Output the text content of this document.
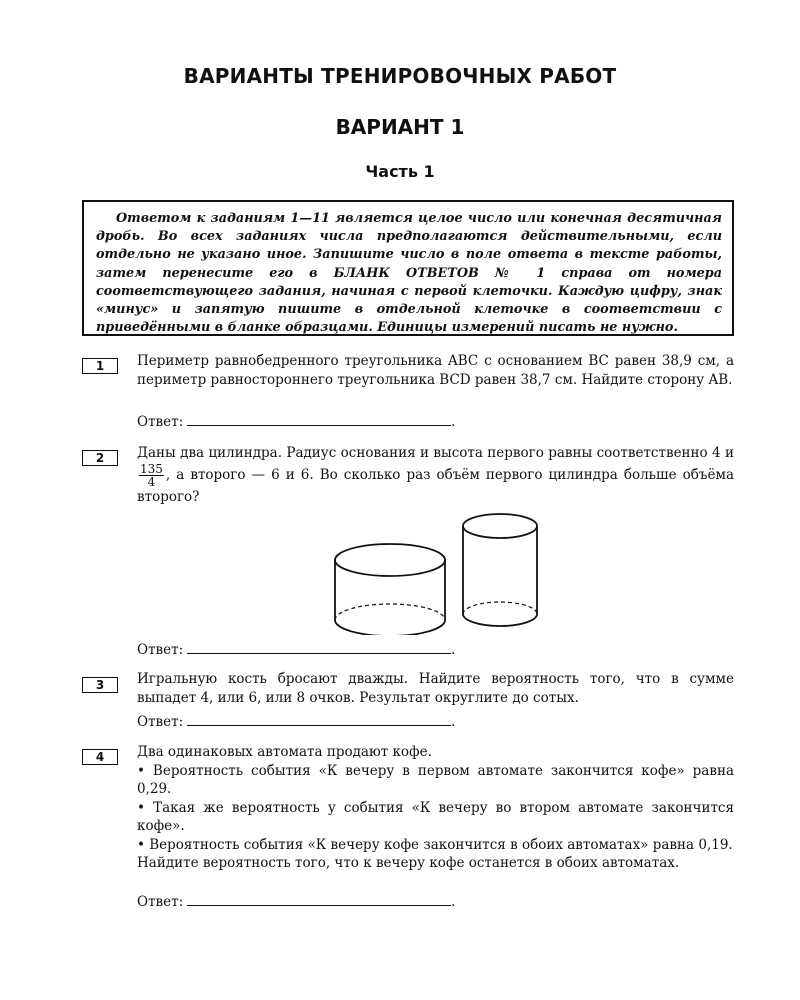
ВАРИАНТЫ ТРЕНИРОВОЧНЫХ РАБОТ
ВАРИАНТ 1
Часть 1

Ответом к заданиям 1—11 является целое число или конечная десятичная дробь. Во всех заданиях числа предполагаются действительными, если отдельно не указано иное. Запишите число в поле ответа в тексте работы, затем перенесите его в БЛАНК ОТВЕТОВ № 1 справа от номера соответствующего задания, начиная с первой клеточки. Каждую цифру, знак «минус» и запятую пишите в отдельной клеточке в соответствии с приведёнными в бланке образцами. Единицы измерений писать не нужно.

1	Периметр равнобедренного треугольника ABC с основанием BC равен 38,9 см, а периметр равностороннего треугольника BCD равен 38,7 см. Найдите сторону AB.

Ответ:	.
2	Даны два цилиндра. Радиус основания и высота первого равны соответственно 4 и
$\frac{135}{4}$ , а второго — 6 и 6. Во сколько раз объём первого цилиндра больше объёма второго?

Ответ:	.
3	Игральную кость бросают дважды. Найдите вероятность того, что в сумме выпадет 4, или 6, или 8 очков. Результат округлите до сотых.

Ответ:	.
4	Два одинаковых автомата продают кофе.

• Вероятность события «К вечеру в первом автомате закончится кофе» равна 0,29.

• Такая же вероятность у события «К вечеру во втором автомате закончится кофе».

• Вероятность события «К вечеру кофе закончится в обоих автоматах» равна 0,19.

Найдите вероятность того, что к вечеру кофе останется в обоих автоматах.

Ответ:	.
